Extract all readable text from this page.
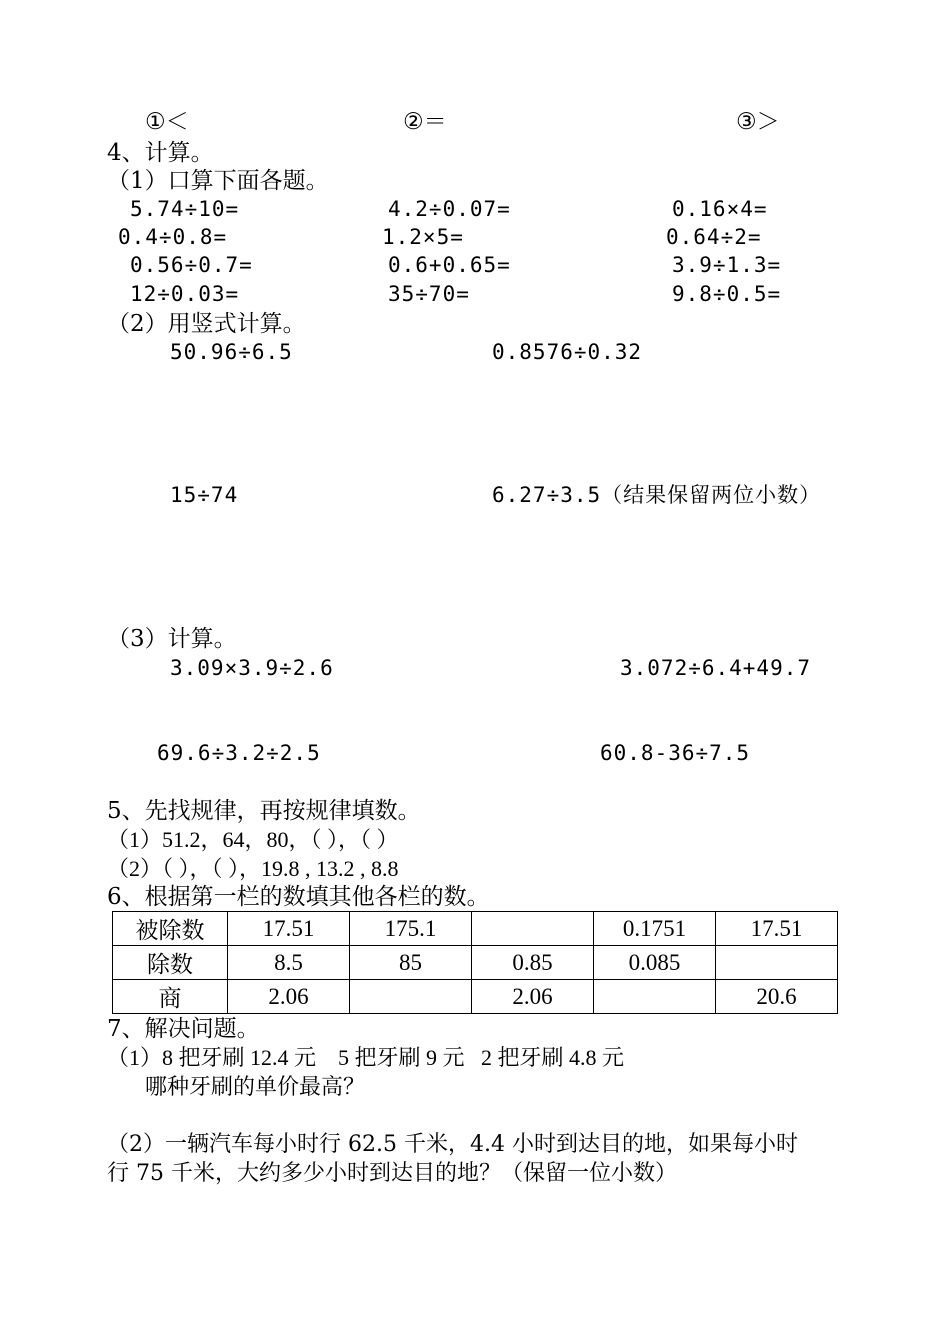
①＜	②＝	③＞
4、计算。
（1）口算下面各题。
5.74÷10=	4.2÷0.07=	0.16×4=
0.4÷0.8=	1.2×5=	0.64÷2=
0.56÷0.7=	0.6+0.65=	3.9÷1.3=
12÷0.03=	35÷70=	9.8÷0.5=
（2）用竖式计算。
50.96÷6.5	0.8576÷0.32
15÷74	6.27÷3.5（结果保留两位小数）
（3）计算。
3.09×3.9÷2.6	3.072÷6.4+49.7
69.6÷3.2÷2.5	60.8-36÷7.5
5、先找规律，再按规律填数。
（1）51.2，64，80，（ ），（ ）
（2）（ ），（ ），19.8 , 13.2 , 8.8
6、根据第一栏的数填其他各栏的数。
被除数	17.51	175.1		0.1751	17.51
除数	8.5	85	0.85	0.085	
商	2.06		2.06		20.6
7、解决问题。
（1）8 把牙刷 12.4 元    5 把牙刷 9 元   2 把牙刷 4.8 元
哪种牙刷的单价最高？
（2）一辆汽车每小时行 62.5 千米，4.4 小时到达目的地，如果每小时
行 75 千米，大约多少小时到达目的地？（保留一位小数）
